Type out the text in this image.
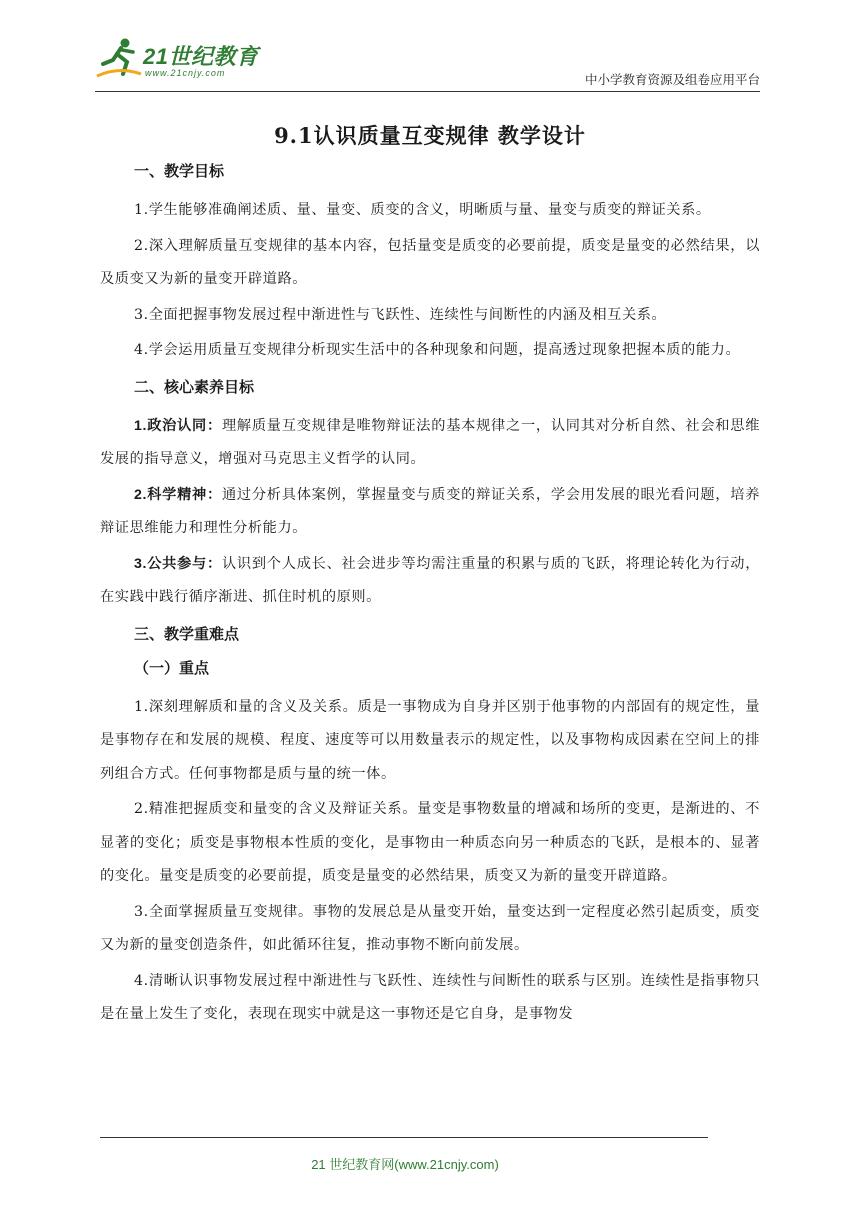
21世纪教育
www.21cnjy.com	中小学教育资源及组卷应用平台
9.1认识质量互变规律 教学设计
一、教学目标

1.学生能够准确阐述质、量、量变、质变的含义，明晰质与量、量变与质变的辩证关系。

2.深入理解质量互变规律的基本内容，包括量变是质变的必要前提，质变是量变的必然结果，以及质变又为新的量变开辟道路。

3.全面把握事物发展过程中渐进性与飞跃性、连续性与间断性的内涵及相互关系。

4.学会运用质量互变规律分析现实生活中的各种现象和问题，提高透过现象把握本质的能力。

二、核心素养目标

1.政治认同：理解质量互变规律是唯物辩证法的基本规律之一，认同其对分析自然、社会和思维发展的指导意义，增强对马克思主义哲学的认同。

2.科学精神：通过分析具体案例，掌握量变与质变的辩证关系，学会用发展的眼光看问题，培养辩证思维能力和理性分析能力。

3.公共参与：认识到个人成长、社会进步等均需注重量的积累与质的飞跃，将理论转化为行动，在实践中践行循序渐进、抓住时机的原则。

三、教学重难点
（一）重点

1.深刻理解质和量的含义及关系。质是一事物成为自身并区别于他事物的内部固有的规定性，量是事物存在和发展的规模、程度、速度等可以用数量表示的规定性，以及事物构成因素在空间上的排列组合方式。任何事物都是质与量的统一体。

2.精准把握质变和量变的含义及辩证关系。量变是事物数量的增减和场所的变更，是渐进的、不显著的变化；质变是事物根本性质的变化，是事物由一种质态向另一种质态的飞跃，是根本的、显著的变化。量变是质变的必要前提，质变是量变的必然结果，质变又为新的量变开辟道路。

3.全面掌握质量互变规律。事物的发展总是从量变开始，量变达到一定程度必然引起质变，质变又为新的量变创造条件，如此循环往复，推动事物不断向前发展。

4.清晰认识事物发展过程中渐进性与飞跃性、连续性与间断性的联系与区别。连续性是指事物只是在量上发生了变化，表现在现实中就是这一事物还是它自身，是事物发

21 世纪教育网(www.21cnjy.com)
